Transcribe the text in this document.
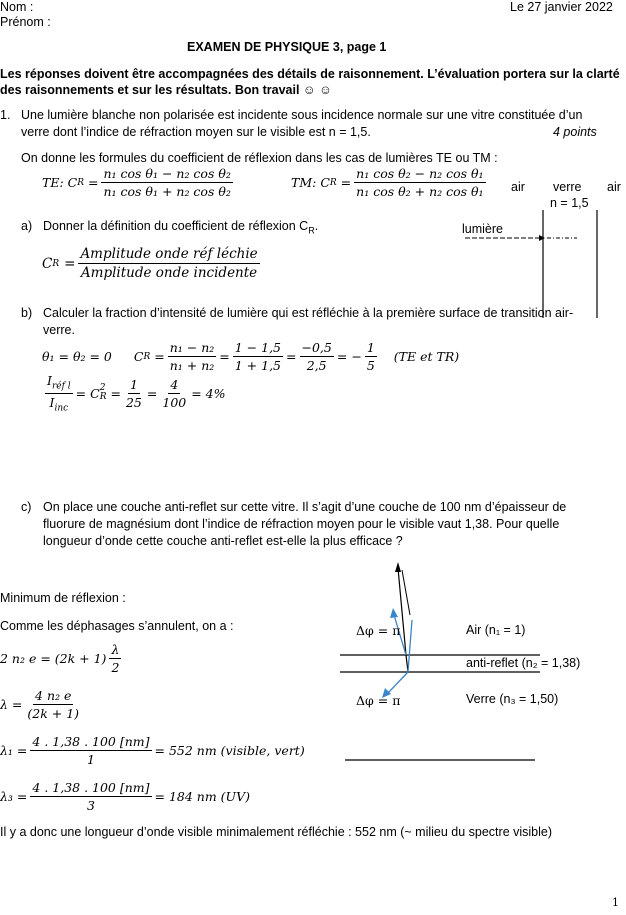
Nom :
Prénom :
Le 27 janvier 2022
EXAMEN DE PHYSIQUE 3, page 1
Les réponses doivent être accompagnées des détails de raisonnement. L’évaluation portera sur la clarté
des raisonnements et sur les résultats. Bon travail ☺ ☺
1. Une lumière blanche non polarisée est incidente sous incidence normale sur une vitre constituée d’un
verre dont l’indice de réfraction moyen sur le visible est n = 1,5.	4 points
On donne les formules du coefficient de réflexion dans les cas de lumières TE ou TM :
TE: C $R = \frac{\text{n₁ cos θ₁ − n₂ cos θ₂}}{\text{n₁ cos θ₁ + n₂ cos θ₂}}$	TM: C $R = \frac{\text{n₁ cos θ₂ − n₂ cos θ₁}}{\text{n₁ cos θ₂ + n₂ cos θ₁}}$ air verre air
n = 1,5
lumière
a) Donner la définition du coefficient de réflexion $C_R$.
C $R = \frac{\text{Amplitude onde réf léchie}}{\text{Amplitude onde incidente}}$
b) Calculer la fraction d’intensité de lumière qui est réfléchie à la première surface de transition air-
verre.
θ₁ = θ₂ = 0 C $R = \frac{\text{n₁ − n₂}}{\text{n₁ + n₂}} = \frac{1 - 1,5}{1 + 1,5} = \frac{-0,5}{2,5}$ = − $\frac{1}{5} (TE$ et TR)
$\frac{I_{réf l}}{I_{inc}} = C$ 2
$R = \frac{1}{25} = \frac{4}{100} = 4\%$
c) On place une couche anti-reflet sur cette vitre. Il s’agit d’une couche de 100 nm d’épaisseur de
fluorure de magnésium dont l’indice de réfraction moyen pour le visible vaut 1,38. Pour quelle
longueur d’onde cette couche anti-reflet est-elle la plus efficace ?
Minimum de réflexion :
Comme les déphasages s’annulent, on a :
2 n₂ $e = (2k + 1) \frac{\lambda}{2}$
$\lambda = \frac{\text{4 n₂ e}}{(2k + 1)}$
$\lambda_1 = \frac{4 . 1,38 . 100 [nm]}{1} = 552$ nm (visible, vert)
$\lambda_3 = \frac{4 . 1,38 . 100 [nm]}{3} = 184$ nm (UV)
Il y a donc une longueur d’onde visible minimalement réfléchie : 552 nm (~ milieu du spectre visible)
Δφ = π
Δφ = π
Air (n₁ = 1)
anti-reflet (n₂ = 1,38)
Verre (n₃ = 1,50)
1
